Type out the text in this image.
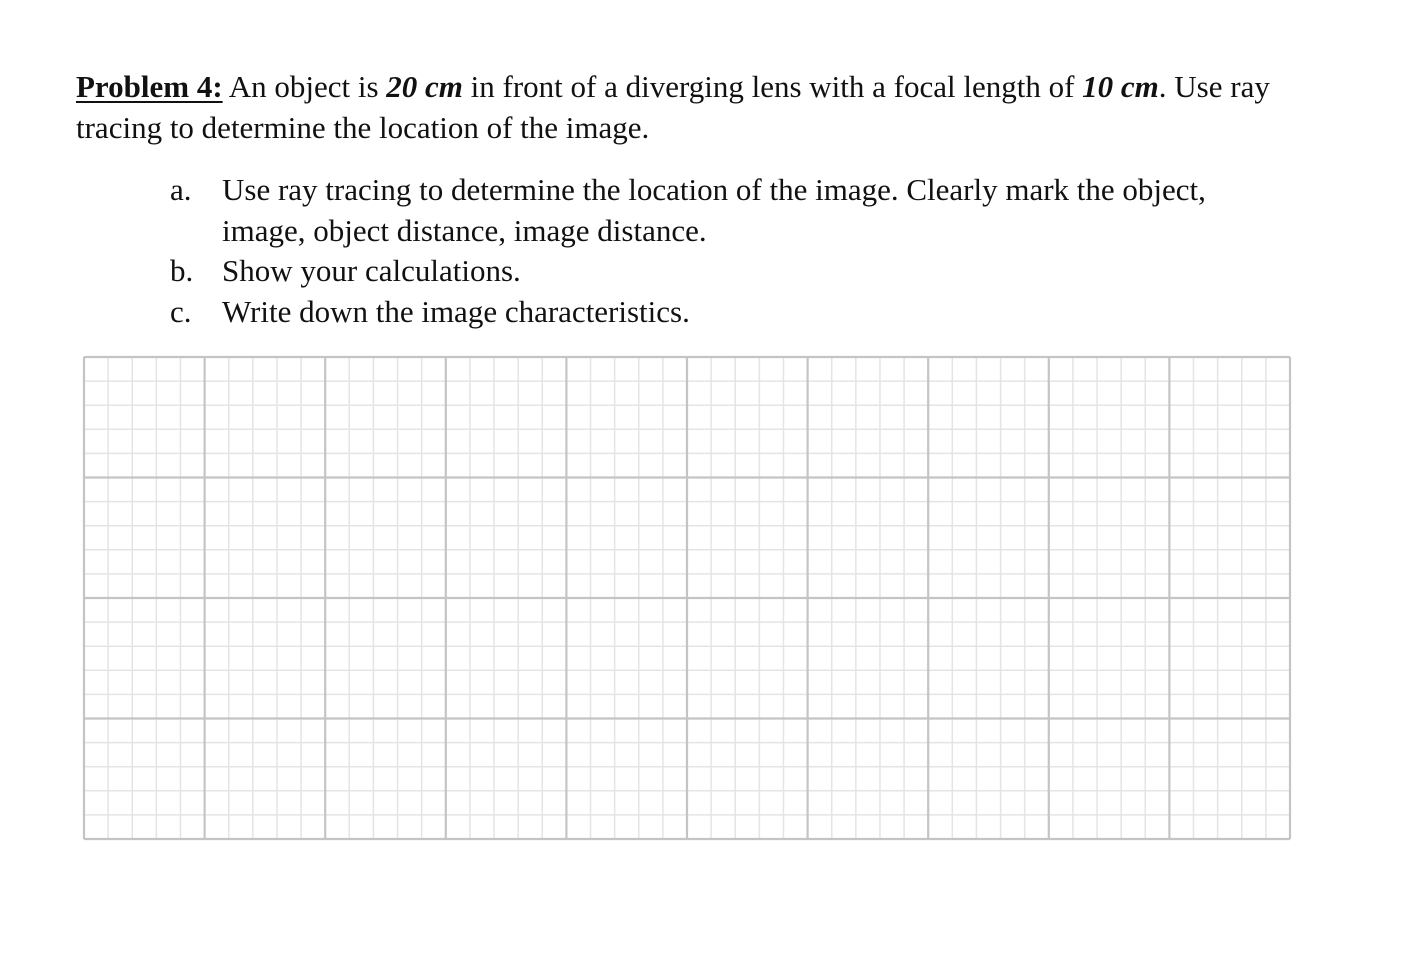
Problem 4: An object is 20 cm in front of a diverging lens with a focal length of 10 cm. Use ray tracing to determine the location of the image.
a. Use ray tracing to determine the location of the image. Clearly mark the object, image, object distance, image distance.
b. Show your calculations.
c. Write down the image characteristics.
